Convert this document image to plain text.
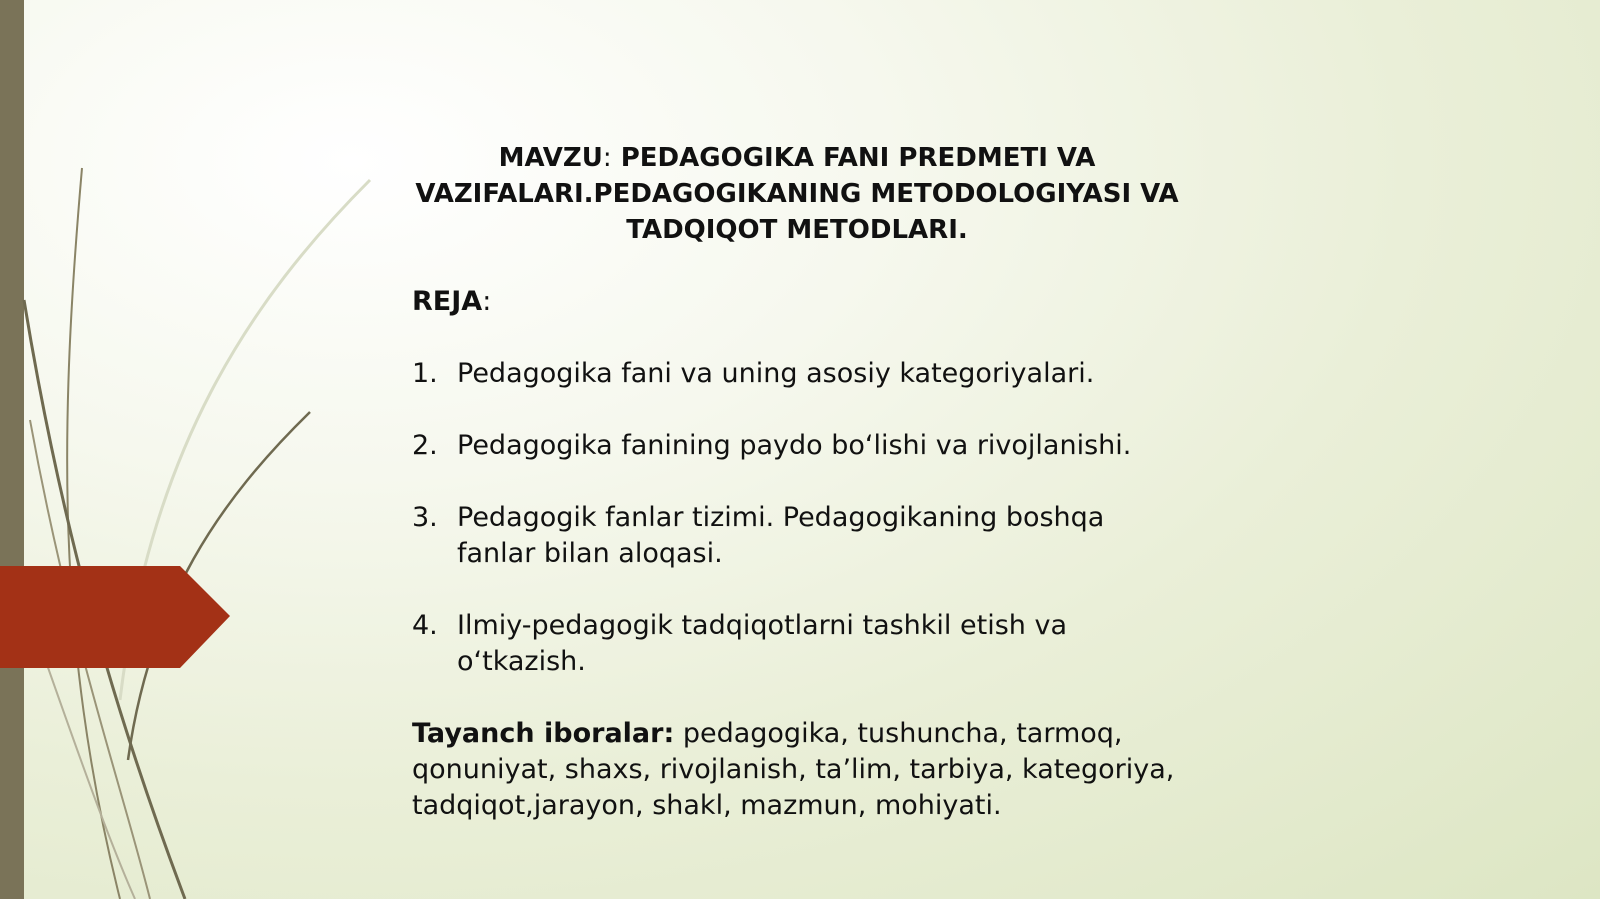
MAVZU: PEDAGOGIKA FANI PREDMETI VA VAZIFALARI.PEDAGOGIKANING METODOLOGIYASI VA TADQIQOT METODLARI.
REJA:
1. Pedagogika fani va uning asosiy kategoriyalari.
2. Pedagogika fanining paydo bo‘lishi va rivojlanishi.
3. Pedagogik fanlar tizimi. Pedagogikaning boshqa fanlar bilan aloqasi.
4. Ilmiy-pedagogik tadqiqotlarni tashkil etish va o‘tkazish.
Tayanch iboralar: pedagogika, tushuncha, tarmoq, qonuniyat, shaxs, rivojlanish, ta’lim, tarbiya, kategoriya, tadqiqot,jarayon, shakl, mazmun, mohiyati.
